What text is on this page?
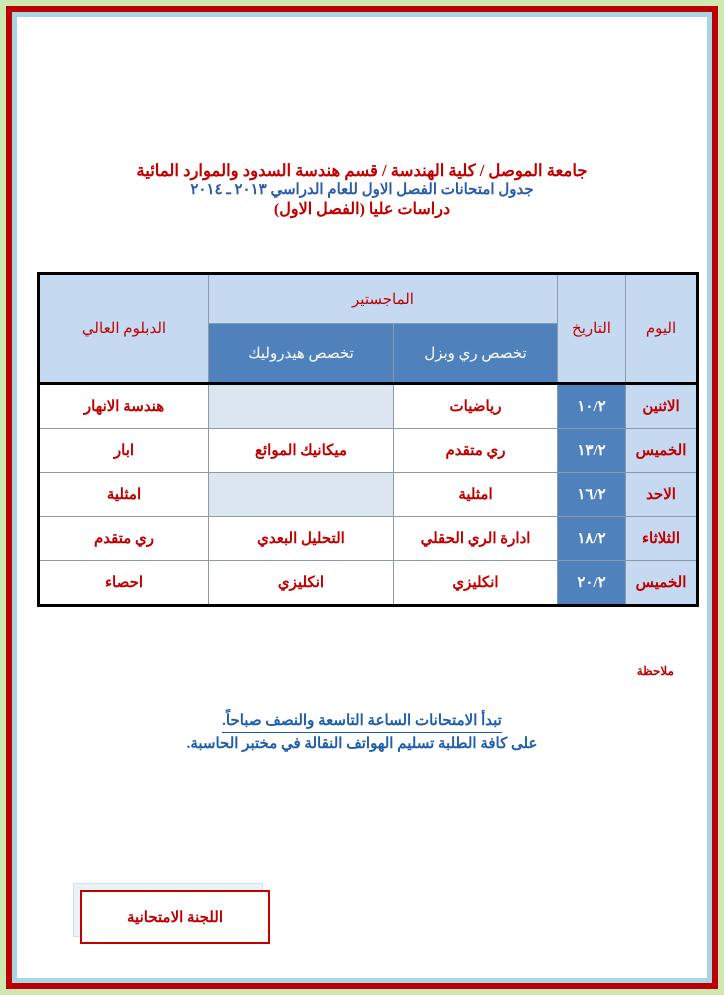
جامعة الموصل / كلية الهندسة / قسم هندسة السدود والموارد المائية
جدول امتحانات الفصل الاول للعام الدراسي ٢٠١٣ ـ ٢٠١٤
دراسات عليا (الفصل الاول)
اليوم	التاريخ	الماجستير		الدبلوم العالي
		تخصص ري وبزل	تخصص هيدروليك	
الاثنين	١٠/٢	رياضيات		هندسة الانهار
الخميس	١٣/٢	ري متقدم	ميكانيك الموائع	ابار
الاحد	١٦/٢	امثلية		امثلية
الثلاثاء	١٨/٢	ادارة الري الحقلي	التحليل البعدي	ري متقدم
الخميس	٢٠/٢	انكليزي	انكليزي	احصاء
ملاحظة
تبدأ الامتحانات الساعة التاسعة والنصف صباحاً.
على كافة الطلبة تسليم الهواتف النقالة في مختبر الحاسبة.
اللجنة الامتحانية
